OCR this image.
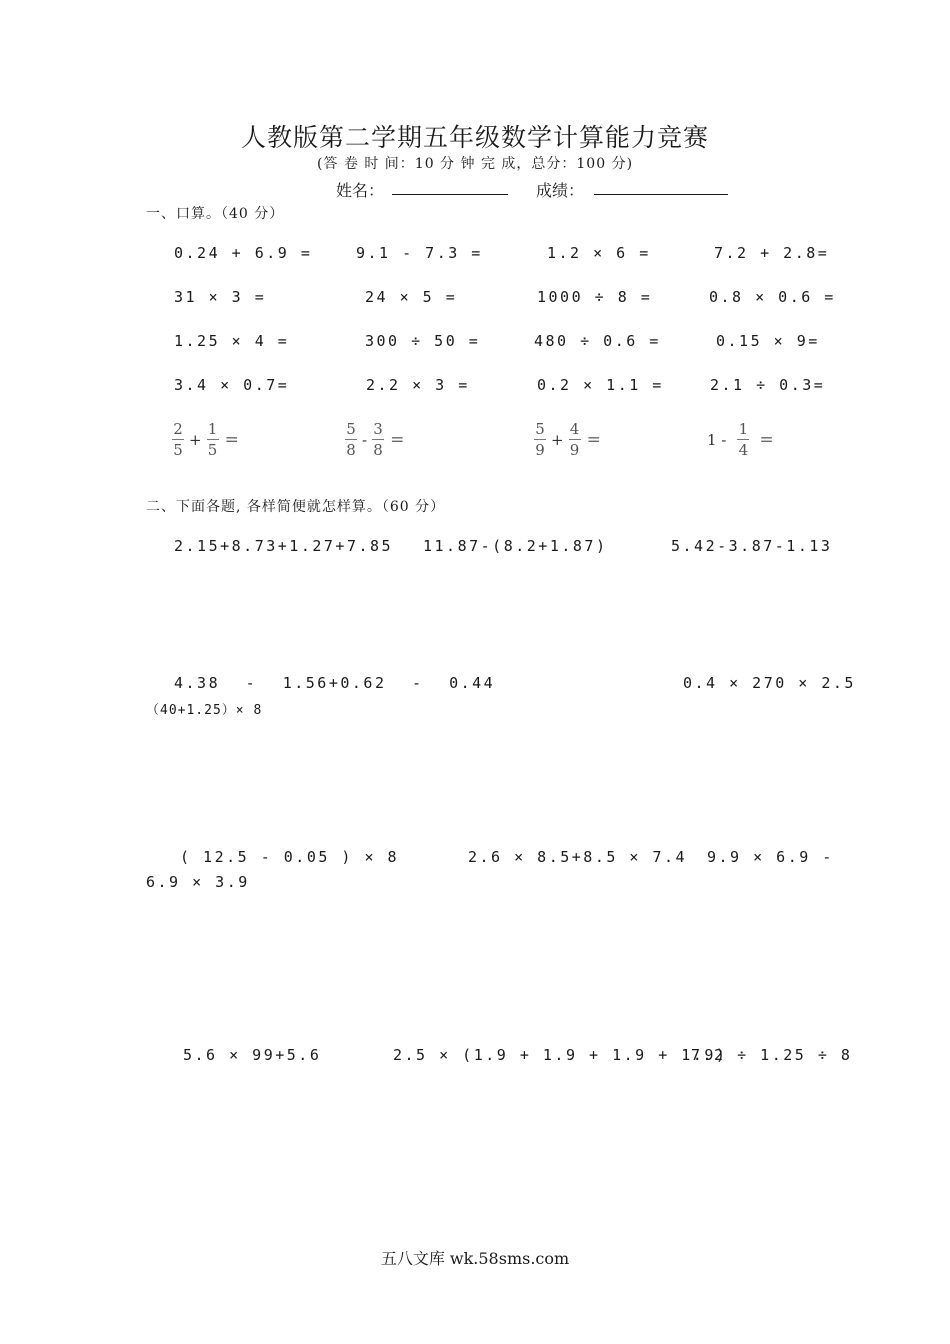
人教版第二学期五年级数学计算能力竞赛
(答 卷 时 间：10 分 钟 完 成，总分：100 分)
姓名：	成绩：
一、口算。（40 分）
0.24 + 6.9 =	9.1 - 7.3 =	1.2 × 6 =	7.2 + 2.8=
31 × 3 =	24 × 5 =	1000 ÷ 8 =	0.8 × 0.6 =
1.25 × 4 =	300 ÷ 50 =	480 ÷ 0.6 =	0.15 × 9=
3.4 × 0.7=	2.2 × 3 =	0.2 × 1.1 =	2.1 ÷ 0.3=
$\frac{2}{5} + \frac{1}{5}$ =	$\frac{5}{8} - \frac{3}{8}$ =	$\frac{5}{9} + \frac{4}{9}$ =	$1 - \frac{1}{4}$ =
二、下面各题, 各样简便就怎样算。（60 分）
2.15+8.73+1.27+7.85 11.87-(8.2+1.87)	5.42-3.87-1.13
4.38 - 1.56+0.62 - 0.44	0.4 × 270 × 2.5
（40+1.25）× 8
( 12.5 - 0.05 ) × 8	2.6 × 8.5+8.5 × 7.4 9.9 × 6.9 -
6.9 × 3.9
5.6 × 99+5.6	2.5 × (1.9 + 1.9 + 1.9 + 1.9)
7.2 ÷ 1.25 ÷ 8
五八文库 wk.58sms.com
